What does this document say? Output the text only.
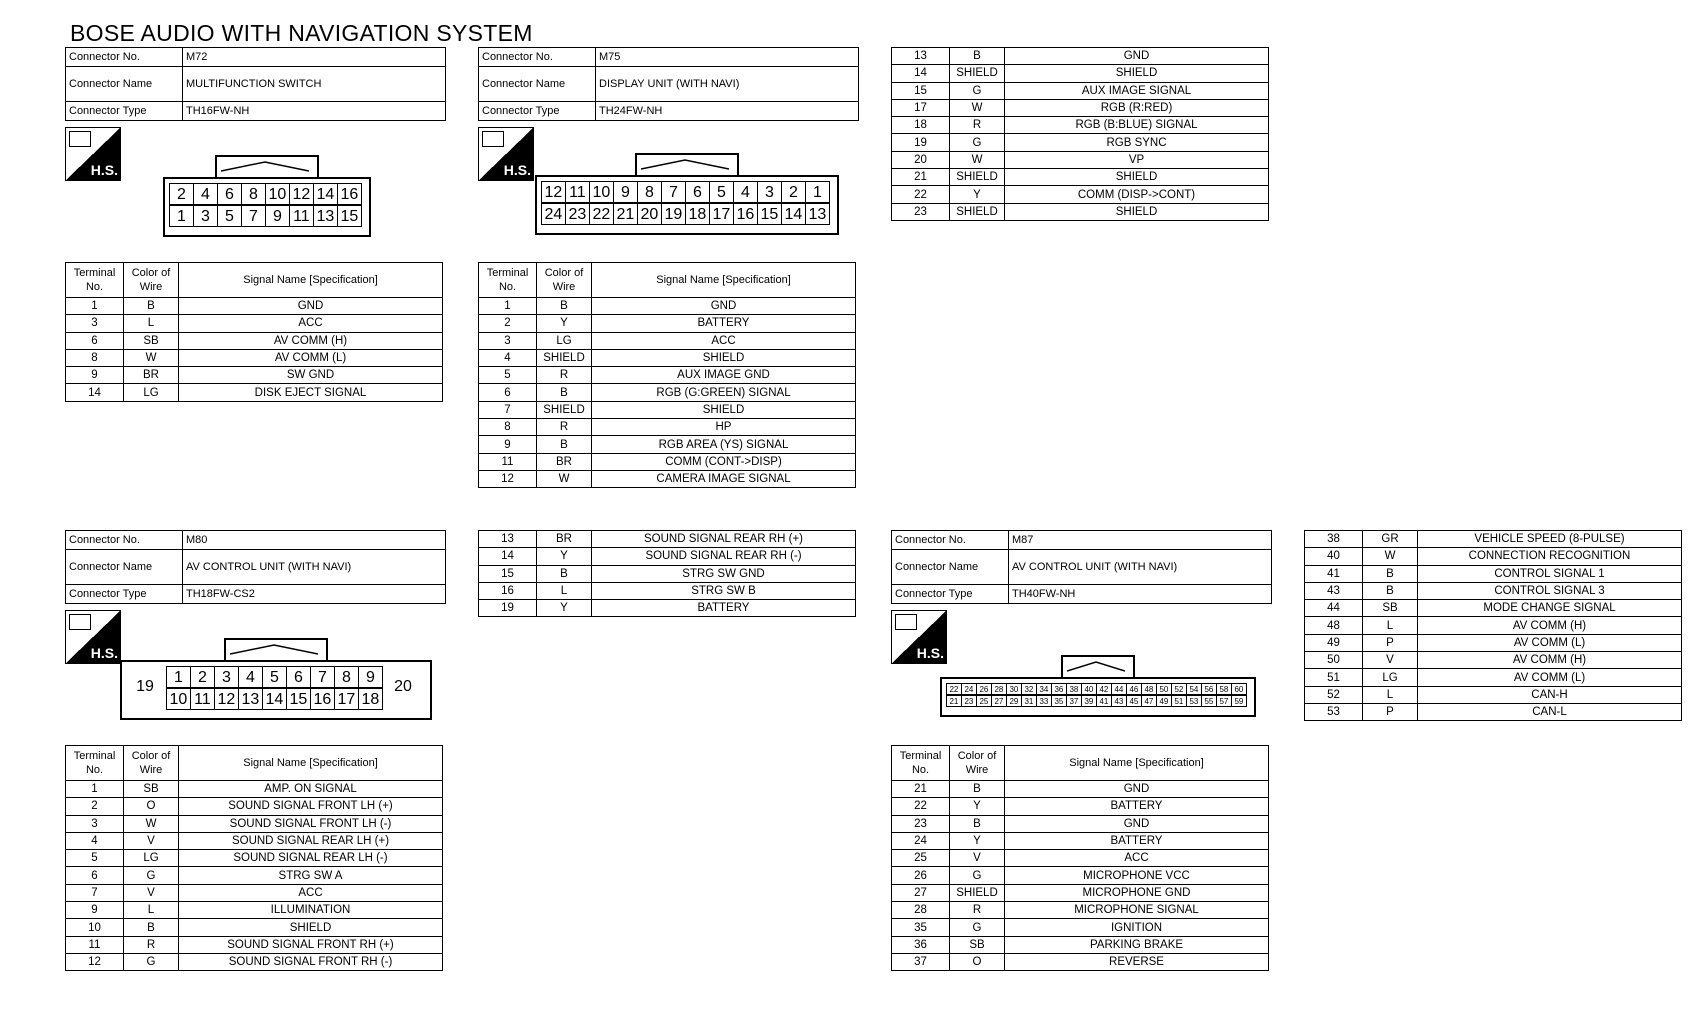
BOSE AUDIO WITH NAVIGATION SYSTEM
Connector No.	M72
Connector Name	MULTIFUNCTION SWITCH
Connector Type	TH16FW-NH
H.S.
2 4 6 8 10 12 14 16
1 3 5 7 9 11 13 15
Terminal No.	Color of Wire	Signal Name [Specification]
1	B	GND
3	L	ACC
6	SB	AV COMM (H)
8	W	AV COMM (L)
9	BR	SW GND
14	LG	DISK EJECT SIGNAL
Connector No.	M75
Connector Name	DISPLAY UNIT (WITH NAVI)
Connector Type	TH24FW-NH
H.S.
12 11 10 9 8 7 6 5 4 3 2 1
24 23 22 21 20 19 18 17 16 15 14 13
Terminal No.	Color of Wire	Signal Name [Specification]
1	B	GND
2	Y	BATTERY
3	LG	ACC
4	SHIELD	SHIELD
5	R	AUX IMAGE GND
6	B	RGB (G:GREEN) SIGNAL
7	SHIELD	SHIELD
8	R	HP
9	B	RGB AREA (YS) SIGNAL
11	BR	COMM (CONT->DISP)
12	W	CAMERA IMAGE SIGNAL
13	B	GND
14	SHIELD	SHIELD
15	G	AUX IMAGE SIGNAL
17	W	RGB (R:RED)
18	R	RGB (B:BLUE) SIGNAL
19	G	RGB SYNC
20	W	VP
21	SHIELD	SHIELD
22	Y	COMM (DISP->CONT)
23	SHIELD	SHIELD
Connector No.	M80
Connector Name	AV CONTROL UNIT (WITH NAVI)
Connector Type	TH18FW-CS2
H.S.
1 2 3 4 5 6 7 8 9
10 11 12 13 14 15 16 17 18
19	20
Terminal No.	Color of Wire	Signal Name [Specification]
1	SB	AMP. ON SIGNAL
2	O	SOUND SIGNAL FRONT LH (+)
3	W	SOUND SIGNAL FRONT LH (-)
4	V	SOUND SIGNAL REAR LH (+)
5	LG	SOUND SIGNAL REAR LH (-)
6	G	STRG SW A
7	V	ACC
9	L	ILLUMINATION
10	B	SHIELD
11	R	SOUND SIGNAL FRONT RH (+)
12	G	SOUND SIGNAL FRONT RH (-)
13	BR	SOUND SIGNAL REAR RH (+)
14	Y	SOUND SIGNAL REAR RH (-)
15	B	STRG SW GND
16	L	STRG SW B
19	Y	BATTERY
Connector No.	M87
Connector Name	AV CONTROL UNIT (WITH NAVI)
Connector Type	TH40FW-NH
H.S.
22 24 26 28 30 32 34 36 38 40 42 44 46 48 50 52 54 56 58 60
21 23 25 27 29 31 33 35 37 39 41 43 45 47 49 51 53 55 57 59
Terminal No.	Color of Wire	Signal Name [Specification]
21	B	GND
22	Y	BATTERY
23	B	GND
24	Y	BATTERY
25	V	ACC
26	G	MICROPHONE VCC
27	SHIELD	MICROPHONE GND
28	R	MICROPHONE SIGNAL
35	G	IGNITION
36	SB	PARKING BRAKE
37	O	REVERSE
38	GR	VEHICLE SPEED (8-PULSE)
40	W	CONNECTION RECOGNITION
41	B	CONTROL SIGNAL 1
43	B	CONTROL SIGNAL 3
44	SB	MODE CHANGE SIGNAL
48	L	AV COMM (H)
49	P	AV COMM (L)
50	V	AV COMM (H)
51	LG	AV COMM (L)
52	L	CAN-H
53	P	CAN-L
